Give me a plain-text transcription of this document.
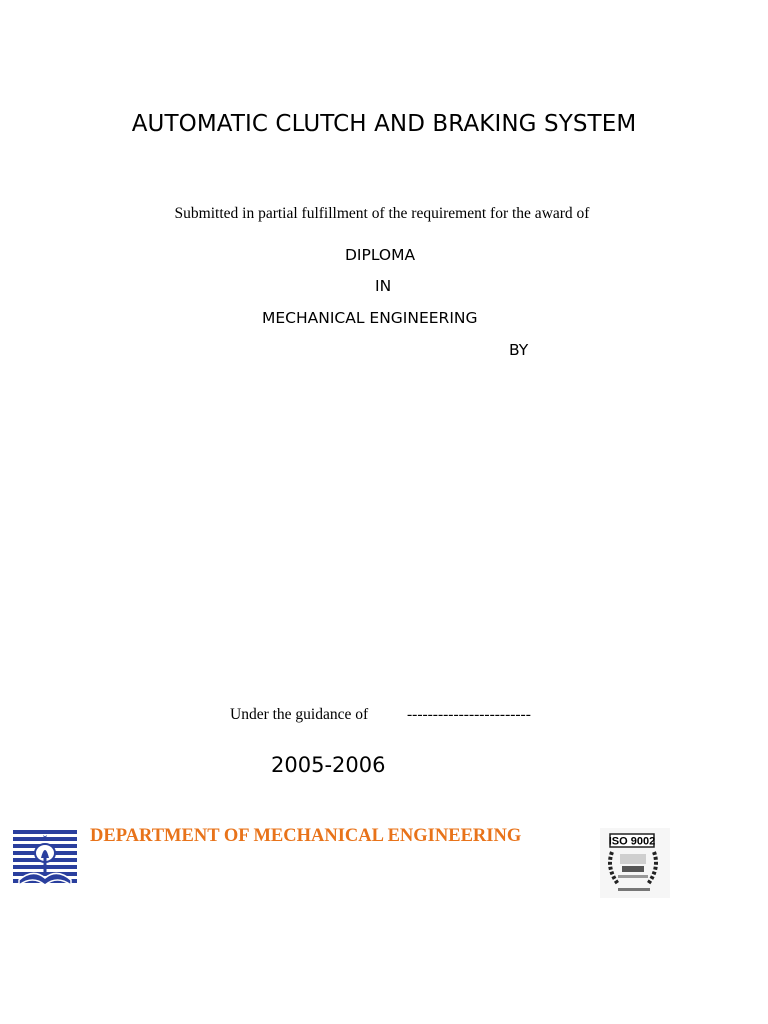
AUTOMATIC CLUTCH AND BRAKING SYSTEM
Submitted in partial fulfillment of the requirement for the award of
DIPLOMA
IN
MECHANICAL ENGINEERING
BY
Under the guidance of	------------------------
2005-2006
DEPARTMENT OF MECHANICAL ENGINEERING	ISO 9002
